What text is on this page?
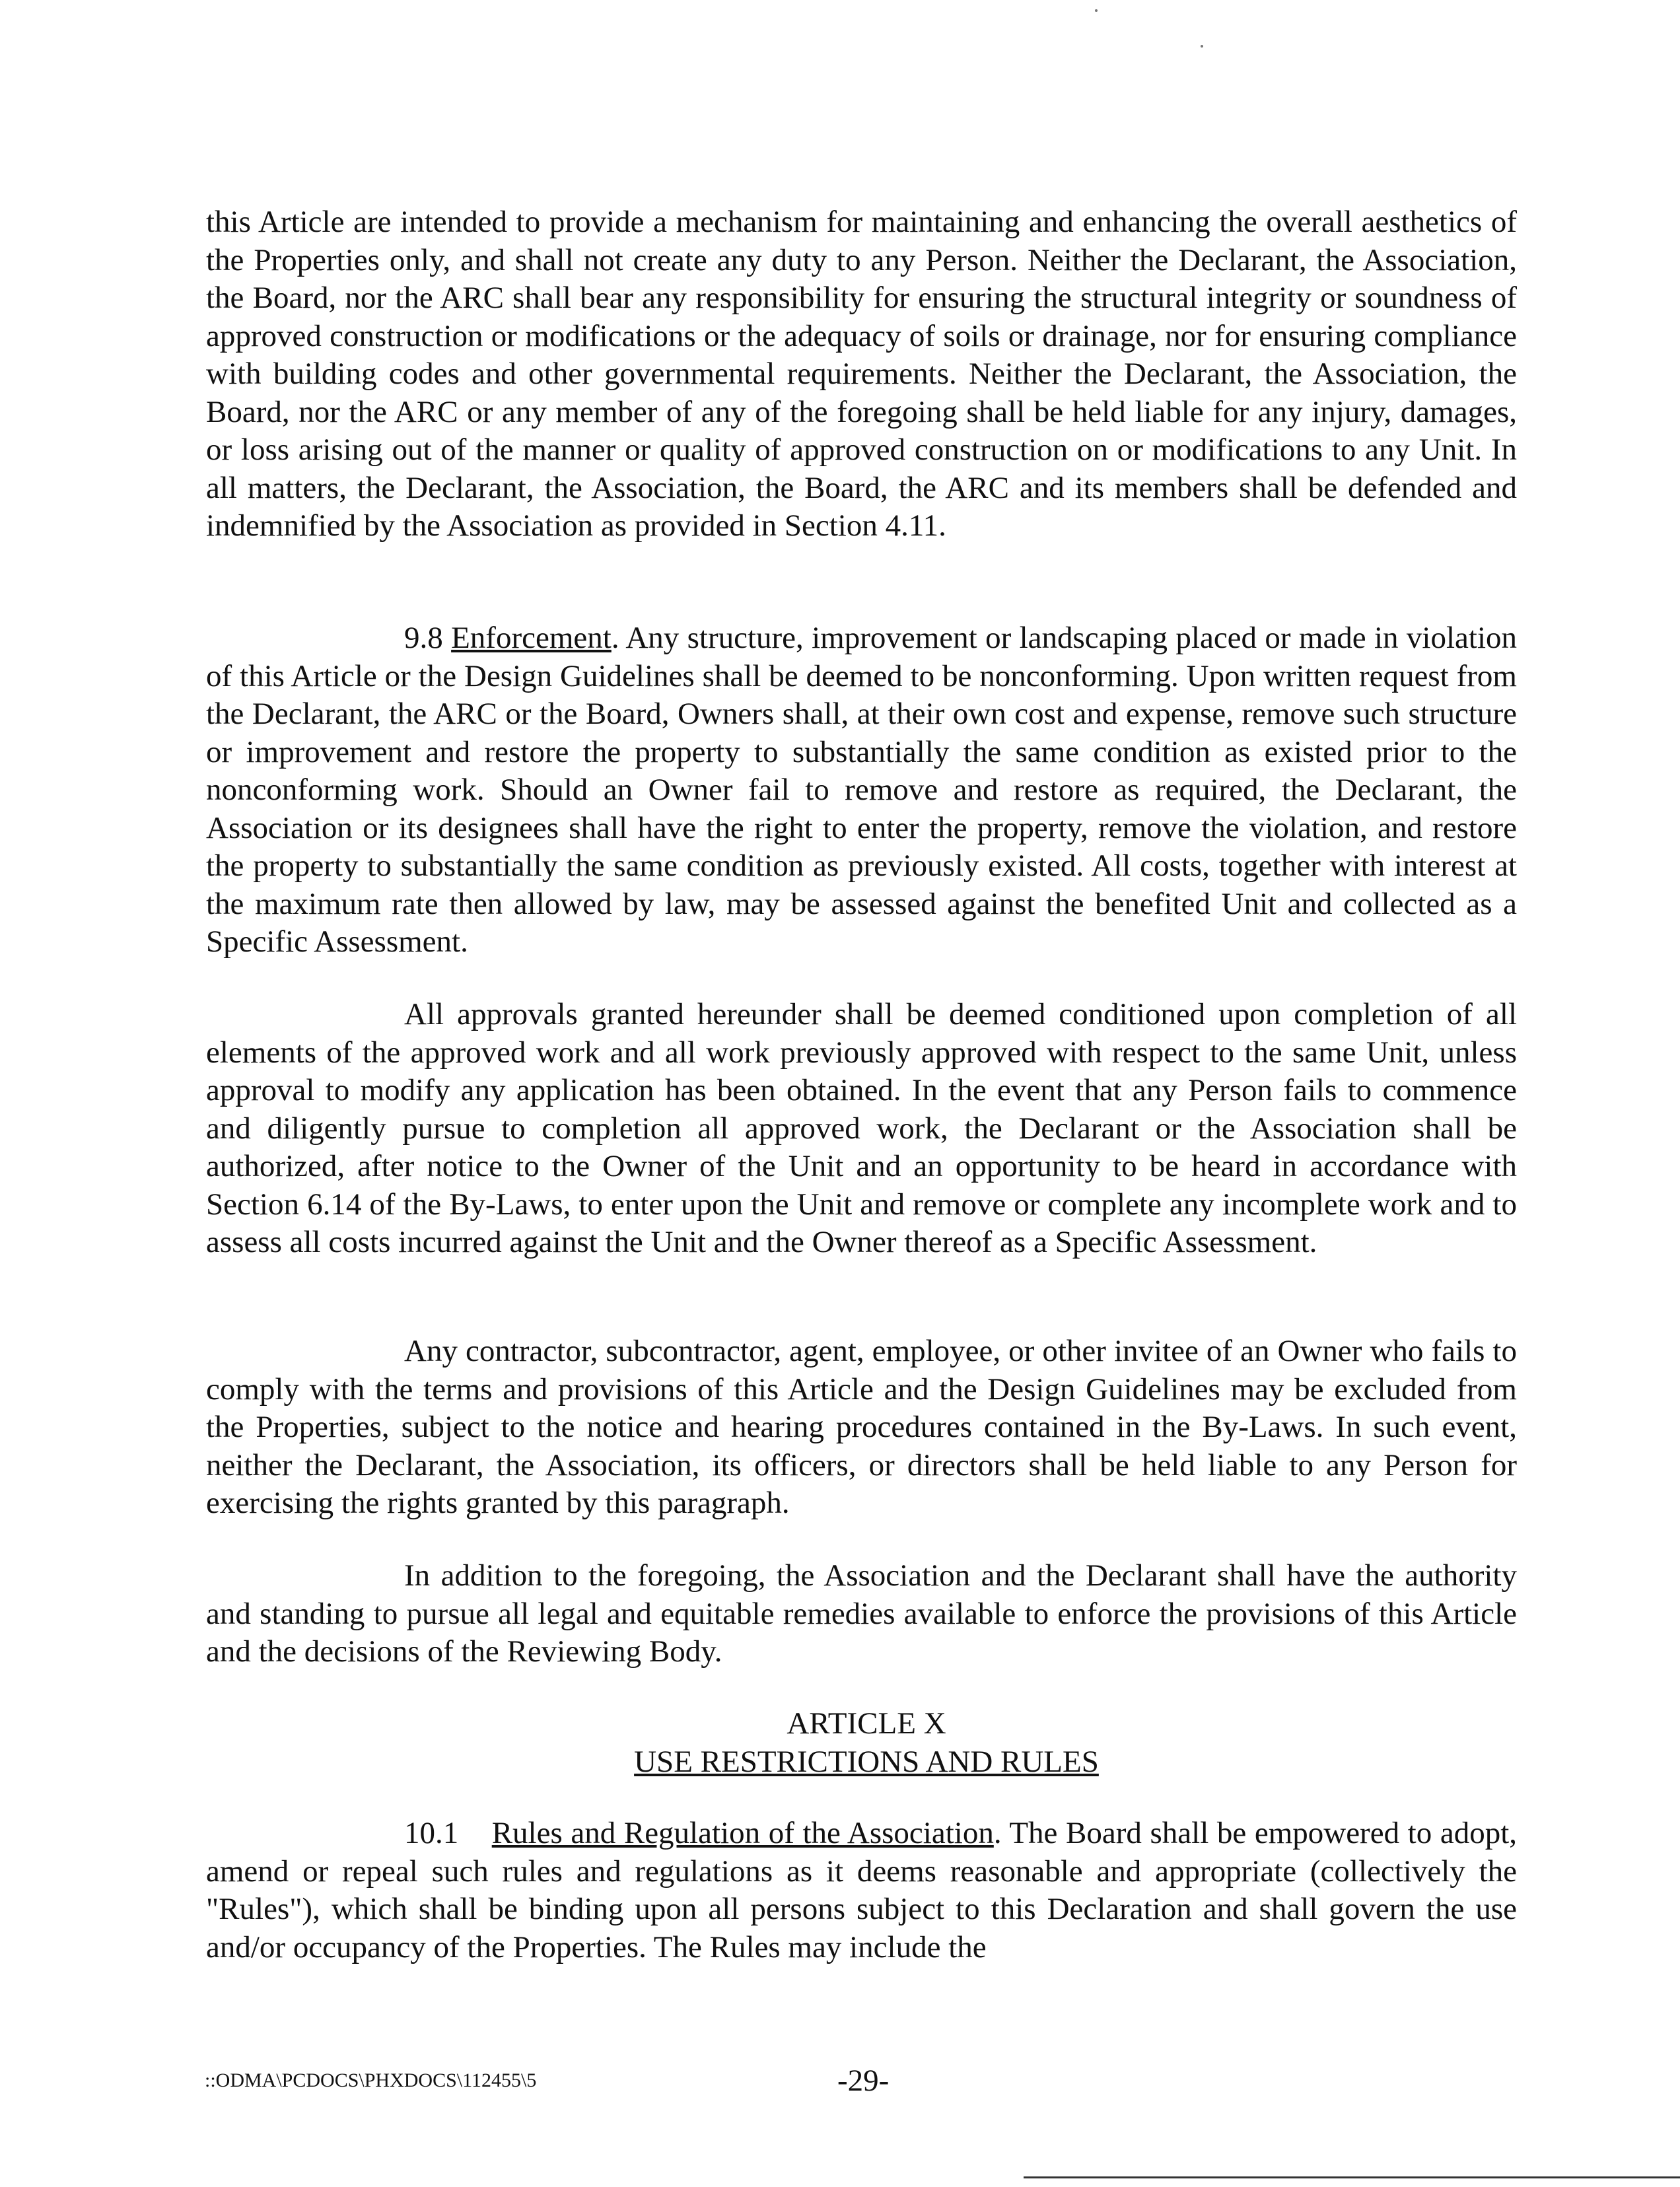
this Article are intended to provide a mechanism for maintaining and enhancing the overall aesthetics of the Properties only, and shall not create any duty to any Person. Neither the Declarant, the Association, the Board, nor the ARC shall bear any responsibility for ensuring the structural integrity or soundness of approved construction or modifications or the adequacy of soils or drainage, nor for ensuring compliance with building codes and other governmental requirements. Neither the Declarant, the Association, the Board, nor the ARC or any member of any of the foregoing shall be held liable for any injury, damages, or loss arising out of the manner or quality of approved construction on or modifications to any Unit. In all matters, the Declarant, the Association, the Board, the ARC and its members shall be defended and indemnified by the Association as provided in Section 4.11.

9.8 Enforcement. Any structure, improvement or landscaping placed or made in violation of this Article or the Design Guidelines shall be deemed to be nonconforming. Upon written request from the Declarant, the ARC or the Board, Owners shall, at their own cost and expense, remove such structure or improvement and restore the property to substantially the same condition as existed prior to the nonconforming work. Should an Owner fail to remove and restore as required, the Declarant, the Association or its designees shall have the right to enter the property, remove the violation, and restore the property to substantially the same condition as previously existed. All costs, together with interest at the maximum rate then allowed by law, may be assessed against the benefited Unit and collected as a Specific Assessment.

All approvals granted hereunder shall be deemed conditioned upon completion of all elements of the approved work and all work previously approved with respect to the same Unit, unless approval to modify any application has been obtained. In the event that any Person fails to commence and diligently pursue to completion all approved work, the Declarant or the Association shall be authorized, after notice to the Owner of the Unit and an opportunity to be heard in accordance with Section 6.14 of the By-Laws, to enter upon the Unit and remove or complete any incomplete work and to assess all costs incurred against the Unit and the Owner thereof as a Specific Assessment.

Any contractor, subcontractor, agent, employee, or other invitee of an Owner who fails to comply with the terms and provisions of this Article and the Design Guidelines may be excluded from the Properties, subject to the notice and hearing procedures contained in the By-Laws. In such event, neither the Declarant, the Association, its officers, or directors shall be held liable to any Person for exercising the rights granted by this paragraph.

In addition to the foregoing, the Association and the Declarant shall have the authority and standing to pursue all legal and equitable remedies available to enforce the provisions of this Article and the decisions of the Reviewing Body.

ARTICLE X
USE RESTRICTIONS AND RULES

10.1    Rules and Regulation of the Association. The Board shall be empowered to adopt, amend or repeal such rules and regulations as it deems reasonable and appropriate (collectively the "Rules"), which shall be binding upon all persons subject to this Declaration and shall govern the use and/or occupancy of the Properties. The Rules may include the

::ODMA\PCDOCS\PHXDOCS\112455\5	-29-
